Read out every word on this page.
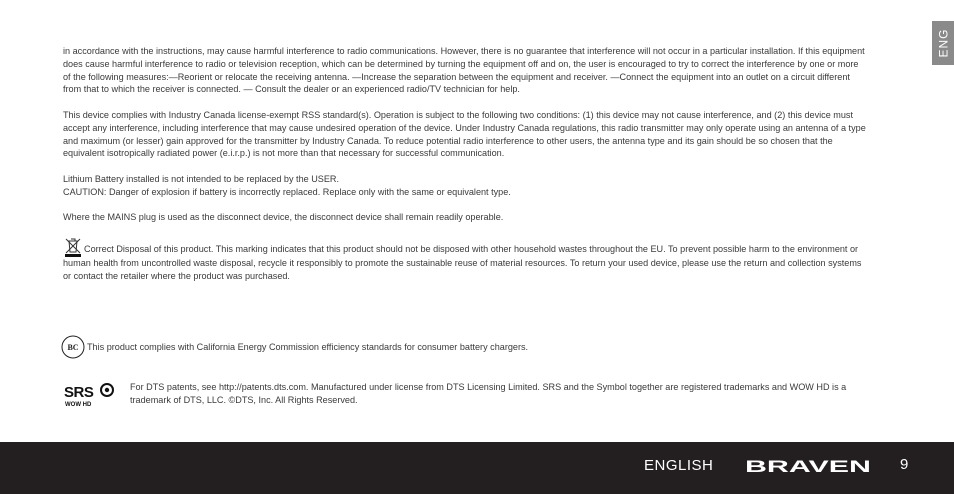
ENG

in accordance with the instructions, may cause harmful interference to radio communications. However, there is no guarantee that interference will not occur in a particular installation. If this equipment does cause harmful interference to radio or television reception, which can be determined by turning the equipment off and on, the user is encouraged to try to correct the interference by one or more of the following measures:—Reorient or relocate the receiving antenna. —Increase the separation between the equipment and receiver. —Connect the equipment into an outlet on a circuit different from that to which the receiver is connected. — Consult the dealer or an experienced radio/TV technician for help.

This device complies with Industry Canada license-exempt RSS standard(s). Operation is subject to the following two conditions: (1) this device may not cause interference, and (2) this device must accept any interference, including interference that may cause undesired operation of the device. Under Industry Canada regulations, this radio transmitter may only operate using an antenna of a type and maximum (or lesser) gain approved for the transmitter by Industry Canada. To reduce potential radio interference to other users, the antenna type and its gain should be so chosen that the equivalent isotropically radiated power (e.i.r.p.) is not more than that necessary for successful communication.

Lithium Battery installed is not intended to be replaced by the USER.

CAUTION: Danger of explosion if battery is incorrectly replaced. Replace only with the same or equivalent type.

Where the MAINS plug is used as the disconnect device, the disconnect device shall remain readily operable.

Correct Disposal of this product. This marking indicates that this product should not be disposed with other household wastes throughout the EU. To prevent possible harm to the environment or human health from uncontrolled waste disposal, recycle it responsibly to promote the sustainable reuse of material resources. To return your used device, please use the return and collection systems or contact the retailer where the product was purchased.

BC This product complies with California Energy Commission efficiency standards for consumer battery chargers.
SRS
WOW HD
For DTS patents, see http://patents.dts.com. Manufactured under license from DTS Licensing Limited. SRS and the Symbol together are registered trademarks and WOW HD is a trademark of DTS, LLC. ©DTS, Inc. All Rights Reserved.
ENGLISH BRAVEN 9
